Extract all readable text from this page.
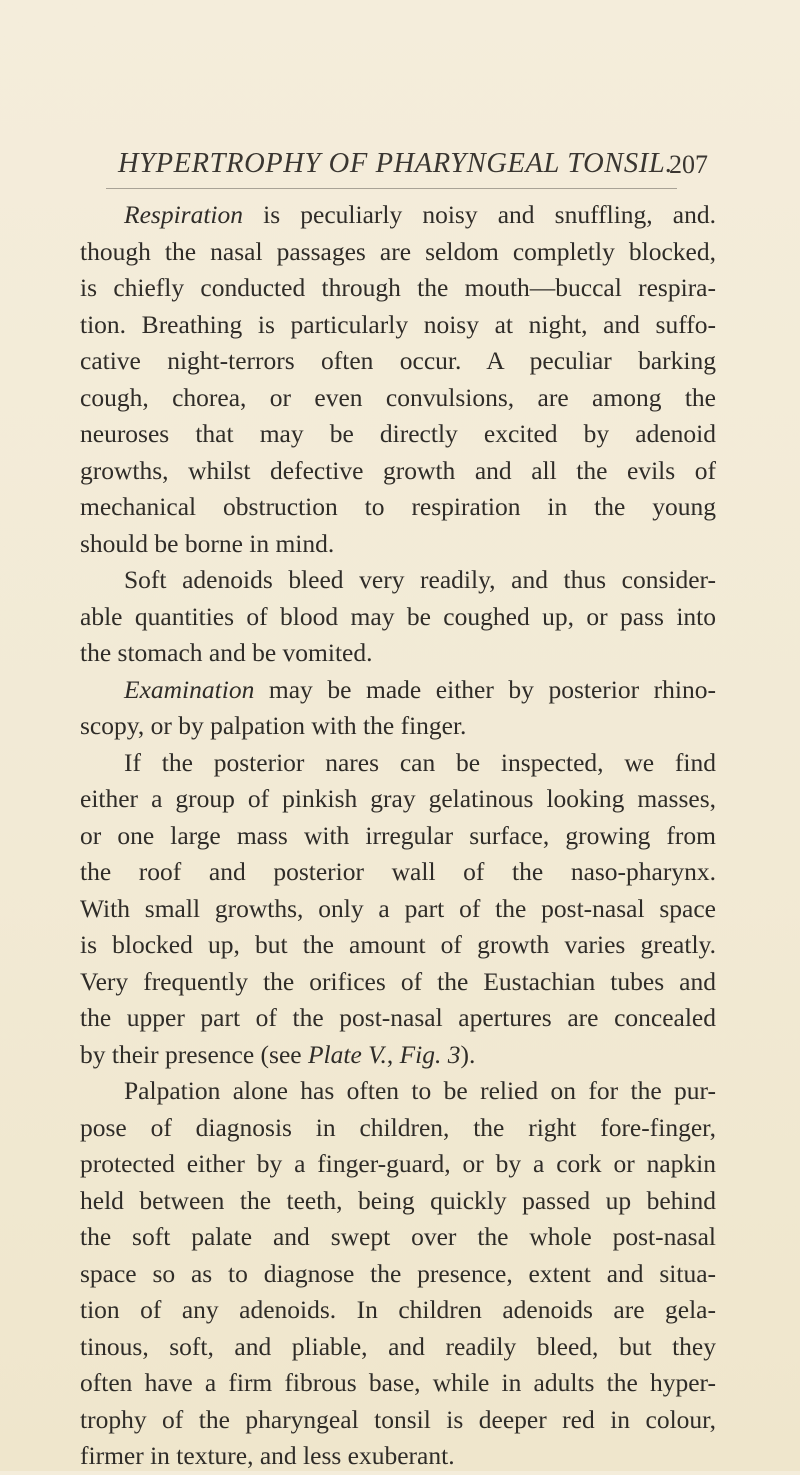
HYPERTROPHY OF PHARYNGEAL TONSIL.
207
Respiration is peculiarly noisy and snuffling, and.
though the nasal passages are seldom completly blocked,
is chiefly conducted through the mouth—buccal respira-
tion. Breathing is particularly noisy at night, and suffo-
cative night-terrors often occur. A peculiar barking
cough, chorea, or even convulsions, are among the
neuroses that may be directly excited by adenoid
growths, whilst defective growth and all the evils of
mechanical obstruction to respiration in the young
should be borne in mind.
Soft adenoids bleed very readily, and thus consider-
able quantities of blood may be coughed up, or pass into
the stomach and be vomited.
Examination may be made either by posterior rhino-
scopy, or by palpation with the finger.
If the posterior nares can be inspected, we find
either a group of pinkish gray gelatinous looking masses,
or one large mass with irregular surface, growing from
the roof and posterior wall of the naso-pharynx.
With small growths, only a part of the post-nasal space
is blocked up, but the amount of growth varies greatly.
Very frequently the orifices of the Eustachian tubes and
the upper part of the post-nasal apertures are concealed
by their presence (see Plate V., Fig. 3).
Palpation alone has often to be relied on for the pur-
pose of diagnosis in children, the right fore-finger,
protected either by a finger-guard, or by a cork or napkin
held between the teeth, being quickly passed up behind
the soft palate and swept over the whole post-nasal
space so as to diagnose the presence, extent and situa-
tion of any adenoids. In children adenoids are gela-
tinous, soft, and pliable, and readily bleed, but they
often have a firm fibrous base, while in adults the hyper-
trophy of the pharyngeal tonsil is deeper red in colour,
firmer in texture, and less exuberant.
